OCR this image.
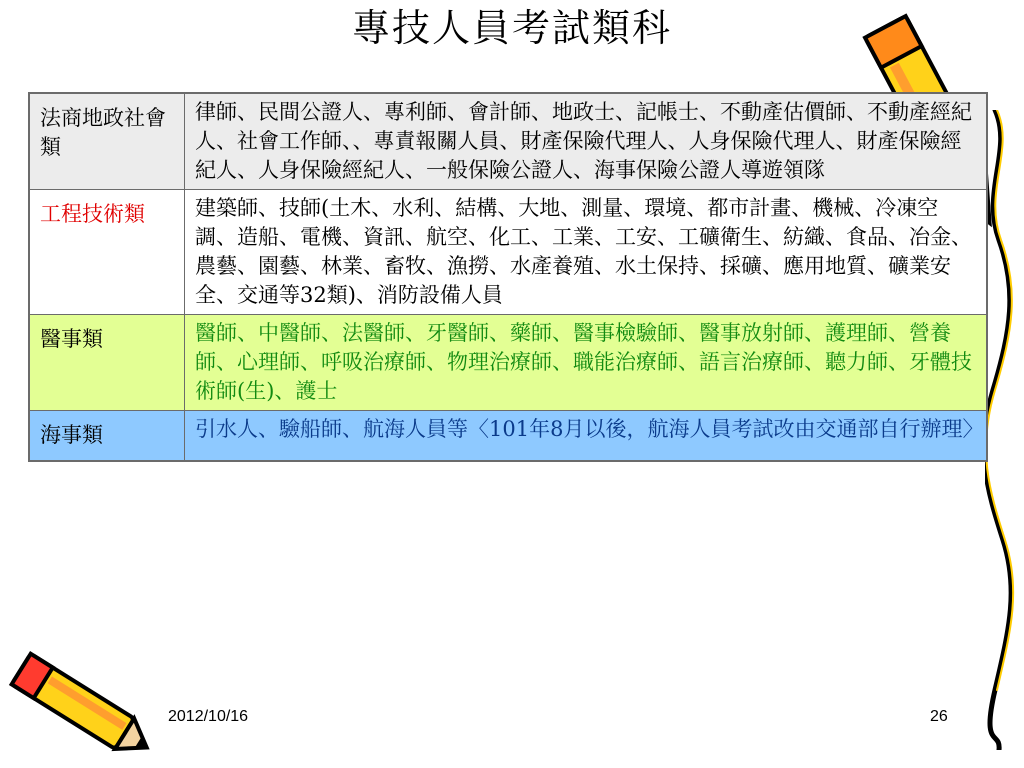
專技人員考試類科
法商地政社會類	律師、民間公證人、專利師、會計師、地政士、記帳士、不動產估價師、不動產經紀人、社會工作師、、專責報關人員、財產保險代理人、人身保險代理人、財產保險經紀人、人身保險經紀人、一般保險公證人、海事保險公證人導遊領隊
工程技術類	建築師、技師(土木、水利、結構、大地、測量、環境、都市計畫、機械、冷凍空調、造船、電機、資訊、航空、化工、工業、工安、工礦衛生、紡織、食品、冶金、農藝、園藝、林業、畜牧、漁撈、水產養殖、水土保持、採礦、應用地質、礦業安全、交通等32類)、消防設備人員
醫事類	醫師、中醫師、法醫師、牙醫師、藥師、醫事檢驗師、醫事放射師、護理師、營養師、心理師、呼吸治療師、物理治療師、職能治療師、語言治療師、聽力師、牙體技術師(生)、護士
海事類	引水人、驗船師、航海人員等〈101年8月以後，航海人員考試改由交通部自行辦理〉
2012/10/16	26
